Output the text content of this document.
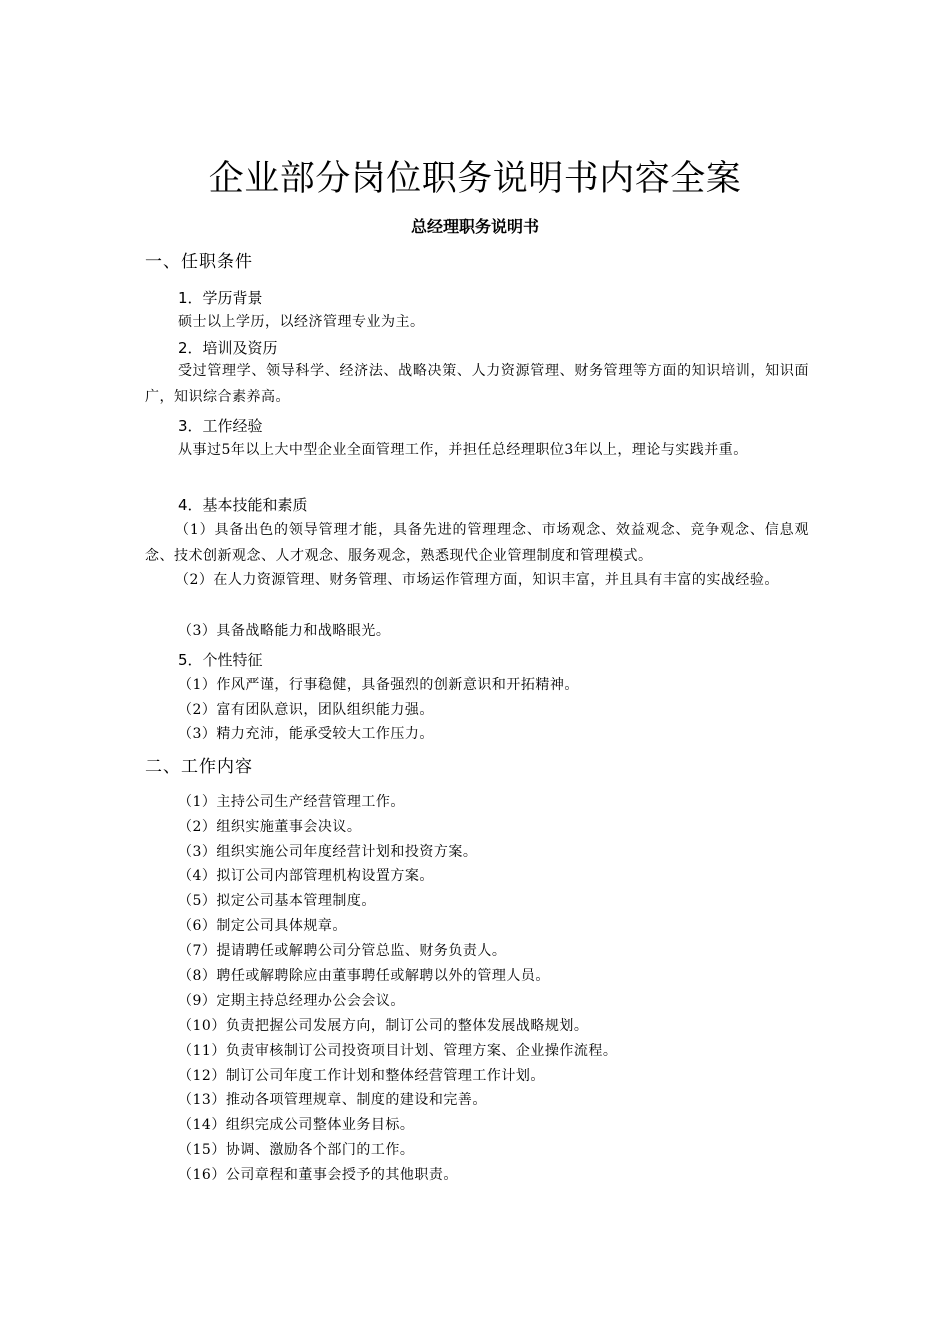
企业部分岗位职务说明书内容全案
总经理职务说明书
一、任职条件
1．学历背景

硕士以上学历，以经济管理专业为主。

2．培训及资历

受过管理学、领导科学、经济法、战略决策、人力资源管理、财务管理等方面的知识培训，知识面广，知识综合素养高。

3．工作经验

从事过5年以上大中型企业全面管理工作，并担任总经理职位3年以上，理论与实践并重。

4．基本技能和素质

（1）具备出色的领导管理才能，具备先进的管理理念、市场观念、效益观念、竞争观念、信息观念、技术创新观念、人才观念、服务观念，熟悉现代企业管理制度和管理模式。

（2）在人力资源管理、财务管理、市场运作管理方面，知识丰富，并且具有丰富的实战经验。

（3）具备战略能力和战略眼光。

5．个性特征

（1）作风严谨，行事稳健，具备强烈的创新意识和开拓精神。

（2）富有团队意识，团队组织能力强。

（3）精力充沛，能承受较大工作压力。

二、工作内容

（1）主持公司生产经营管理工作。

（2）组织实施董事会决议。

（3）组织实施公司年度经营计划和投资方案。

（4）拟订公司内部管理机构设置方案。

（5）拟定公司基本管理制度。

（6）制定公司具体规章。

（7）提请聘任或解聘公司分管总监、财务负责人。

（8）聘任或解聘除应由董事聘任或解聘以外的管理人员。

（9）定期主持总经理办公会会议。

（10）负责把握公司发展方向，制订公司的整体发展战略规划。

（11）负责审核制订公司投资项目计划、管理方案、企业操作流程。

（12）制订公司年度工作计划和整体经营管理工作计划。

（13）推动各项管理规章、制度的建设和完善。

（14）组织完成公司整体业务目标。

（15）协调、激励各个部门的工作。

（16）公司章程和董事会授予的其他职责。
